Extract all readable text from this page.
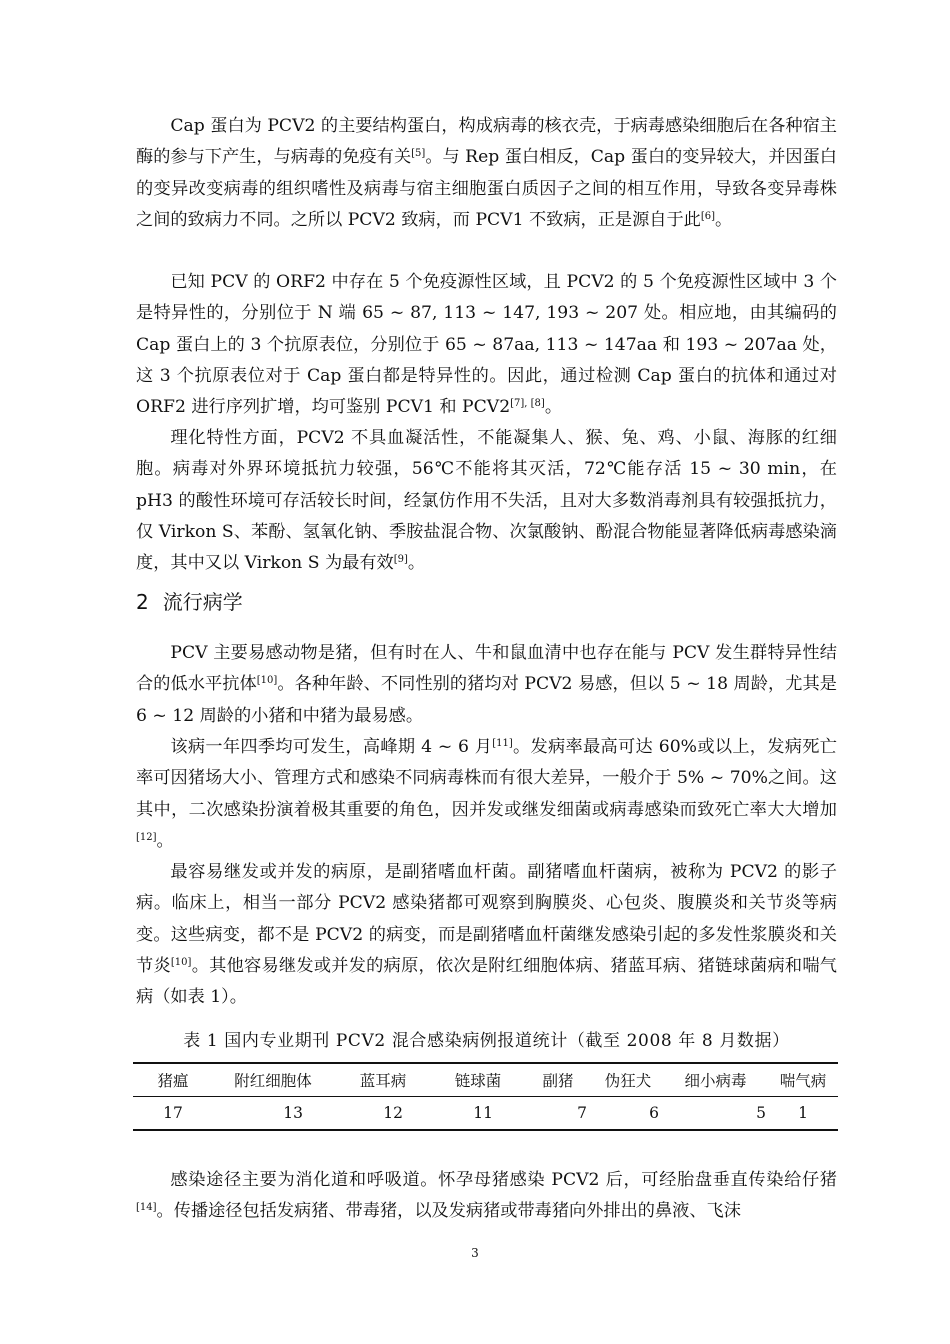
Cap 蛋白为 PCV2 的主要结构蛋白，构成病毒的核衣壳，于病毒感染细胞后在各种宿主酶的参与下产生，与病毒的免疫有关[5]。与 Rep 蛋白相反，Cap 蛋白的变异较大，并因蛋白的变异改变病毒的组织嗜性及病毒与宿主细胞蛋白质因子之间的相互作用，导致各变异毒株之间的致病力不同。之所以 PCV2 致病，而 PCV1 不致病，正是源自于此[6]。

已知 PCV 的 ORF2 中存在 5 个免疫源性区域，且 PCV2 的 5 个免疫源性区域中 3 个是特异性的，分别位于 N 端 65 ~ 87, 113 ~ 147, 193 ~ 207 处。相应地，由其编码的 Cap 蛋白上的 3 个抗原表位，分别位于 65 ~ 87aa, 113 ~ 147aa 和 193 ~ 207aa 处，这 3 个抗原表位对于 Cap 蛋白都是特异性的。因此，通过检测 Cap 蛋白的抗体和通过对 ORF2 进行序列扩增，均可鉴别 PCV1 和 PCV2[7], [8]。

理化特性方面，PCV2 不具血凝活性，不能凝集人、猴、兔、鸡、小鼠、海豚的红细胞。病毒对外界环境抵抗力较强，56℃不能将其灭活，72℃能存活 15 ~ 30 min，在 pH3 的酸性环境可存活较长时间，经氯仿作用不失活，且对大多数消毒剂具有较强抵抗力，仅 Virkon S、苯酚、氢氧化钠、季胺盐混合物、次氯酸钠、酚混合物能显著降低病毒感染滴度，其中又以 Virkon S 为最有效[9]。

2 流行病学

PCV 主要易感动物是猪，但有时在人、牛和鼠血清中也存在能与 PCV 发生群特异性结合的低水平抗体[10]。各种年龄、不同性别的猪均对 PCV2 易感，但以 5 ~ 18 周龄，尤其是 6 ~ 12 周龄的小猪和中猪为最易感。

该病一年四季均可发生，高峰期 4 ~ 6 月[11]。发病率最高可达 60%或以上，发病死亡率可因猪场大小、管理方式和感染不同病毒株而有很大差异，一般介于 5% ~ 70%之间。这其中，二次感染扮演着极其重要的角色，因并发或继发细菌或病毒感染而致死亡率大大增加[12]。

最容易继发或并发的病原，是副猪嗜血杆菌。副猪嗜血杆菌病，被称为 PCV2 的影子病。临床上，相当一部分 PCV2 感染猪都可观察到胸膜炎、心包炎、腹膜炎和关节炎等病变。这些病变，都不是 PCV2 的病变，而是副猪嗜血杆菌继发感染引起的多发性浆膜炎和关节炎[10]。其他容易继发或并发的病原，依次是附红细胞体病、猪蓝耳病、猪链球菌病和喘气病（如表 1）。

表 1 国内专业期刊 PCV2 混合感染病例报道统计（截至 2008 年 8 月数据）
猪瘟	附红细胞体	蓝耳病	链球菌	副猪	伪狂犬	细小病毒	喘气病
17	13	12	11	7	6	5	1

感染途径主要为消化道和呼吸道。怀孕母猪感染 PCV2 后，可经胎盘垂直传染给仔猪[14]。传播途径包括发病猪、带毒猪，以及发病猪或带毒猪向外排出的鼻液、飞沫

3
